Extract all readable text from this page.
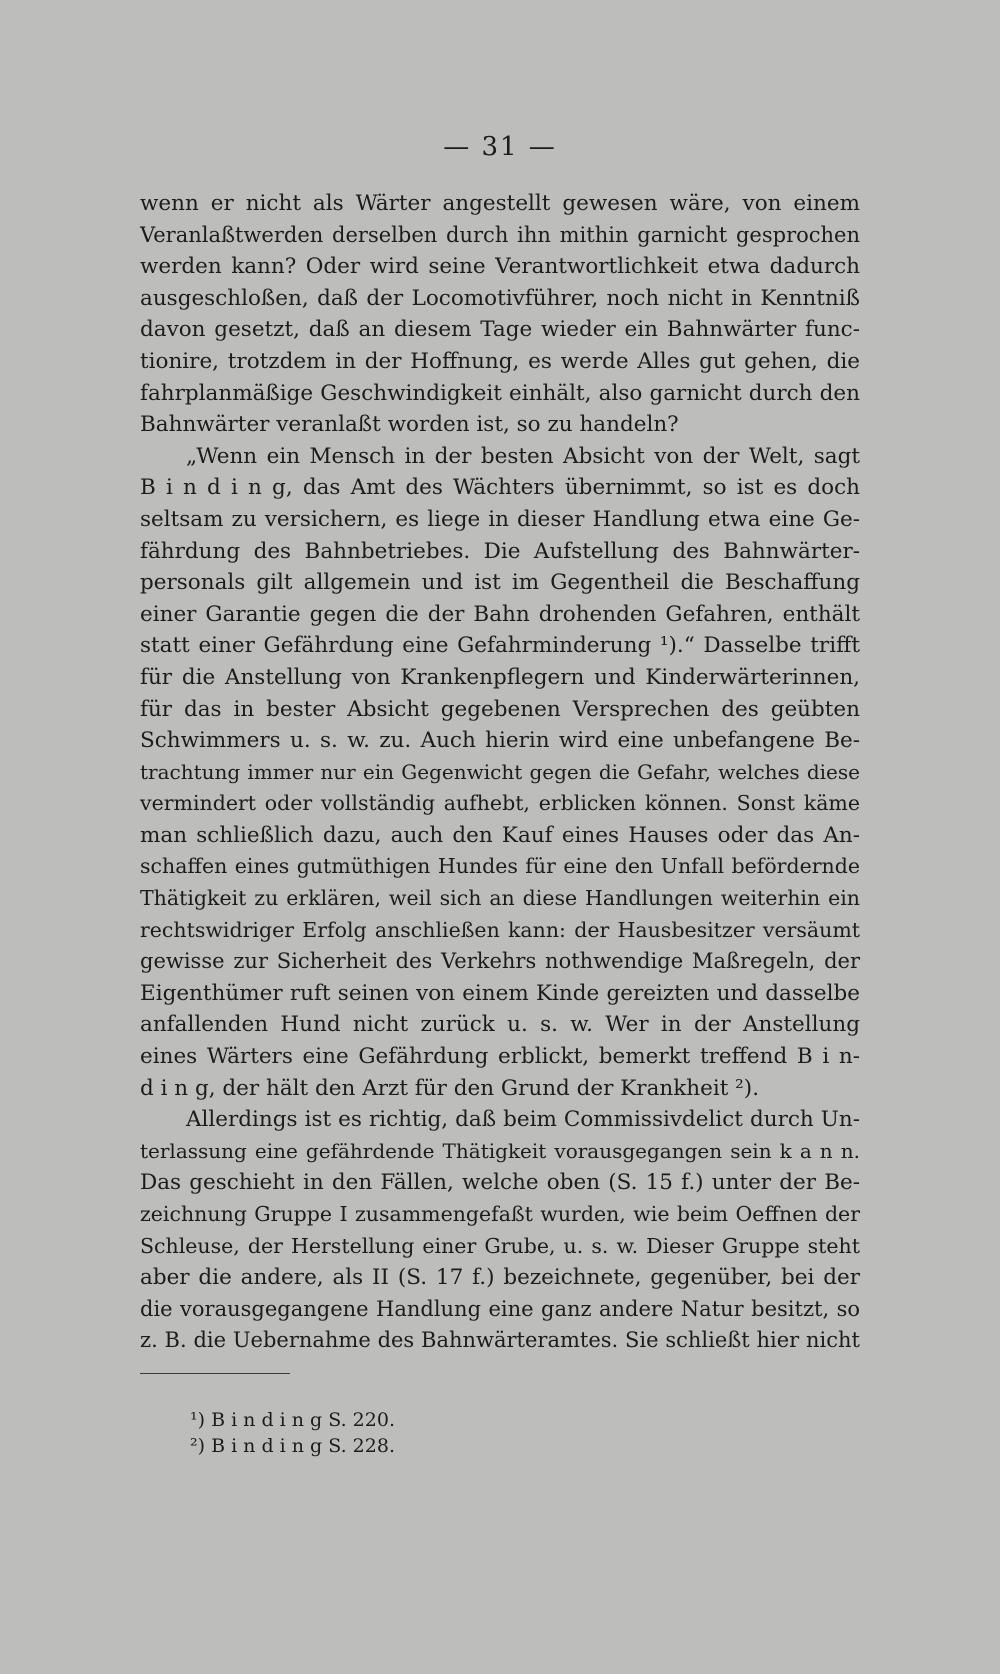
— 31 —
wenn er nicht als Wärter angestellt gewesen wäre, von einem
Veranlaßtwerden derselben durch ihn mithin garnicht gesprochen
werden kann? Oder wird seine Verantwortlichkeit etwa dadurch
ausgeschloßen, daß der Locomotivführer, noch nicht in Kenntniß
davon gesetzt, daß an diesem Tage wieder ein Bahnwärter func-
tionire, trotzdem in der Hoffnung, es werde Alles gut gehen, die
fahrplanmäßige Geschwindigkeit einhält, also garnicht durch den
Bahnwärter veranlaßt worden ist, so zu handeln?
„Wenn ein Mensch in der besten Absicht von der Welt, sagt
B i n d i n g, das Amt des Wächters übernimmt, so ist es doch
seltsam zu versichern, es liege in dieser Handlung etwa eine Ge-
fährdung des Bahnbetriebes. Die Aufstellung des Bahnwärter-
personals gilt allgemein und ist im Gegentheil die Beschaffung
einer Garantie gegen die der Bahn drohenden Gefahren, enthält
statt einer Gefährdung eine Gefahrminderung ¹).“ Dasselbe trifft
für die Anstellung von Krankenpflegern und Kinderwärterinnen,
für das in bester Absicht gegebenen Versprechen des geübten
Schwimmers u. s. w. zu. Auch hierin wird eine unbefangene Be-
trachtung immer nur ein Gegenwicht gegen die Gefahr, welches diese
vermindert oder vollständig aufhebt, erblicken können. Sonst käme
man schließlich dazu, auch den Kauf eines Hauses oder das An-
schaffen eines gutmüthigen Hundes für eine den Unfall befördernde
Thätigkeit zu erklären, weil sich an diese Handlungen weiterhin ein
rechtswidriger Erfolg anschließen kann: der Hausbesitzer versäumt
gewisse zur Sicherheit des Verkehrs nothwendige Maßregeln, der
Eigenthümer ruft seinen von einem Kinde gereizten und dasselbe
anfallenden Hund nicht zurück u. s. w. Wer in der Anstellung
eines Wärters eine Gefährdung erblickt, bemerkt treffend B i n-
d i n g, der hält den Arzt für den Grund der Krankheit ²).
Allerdings ist es richtig, daß beim Commissivdelict durch Un-
terlassung eine gefährdende Thätigkeit vorausgegangen sein k a n n.
Das geschieht in den Fällen, welche oben (S. 15 f.) unter der Be-
zeichnung Gruppe I zusammengefaßt wurden, wie beim Oeffnen der
Schleuse, der Herstellung einer Grube, u. s. w. Dieser Gruppe steht
aber die andere, als II (S. 17 f.) bezeichnete, gegenüber, bei der
die vorausgegangene Handlung eine ganz andere Natur besitzt, so
z. B. die Uebernahme des Bahnwärteramtes. Sie schließt hier nicht
¹) B i n d i n g S. 220.
²) B i n d i n g S. 228.
